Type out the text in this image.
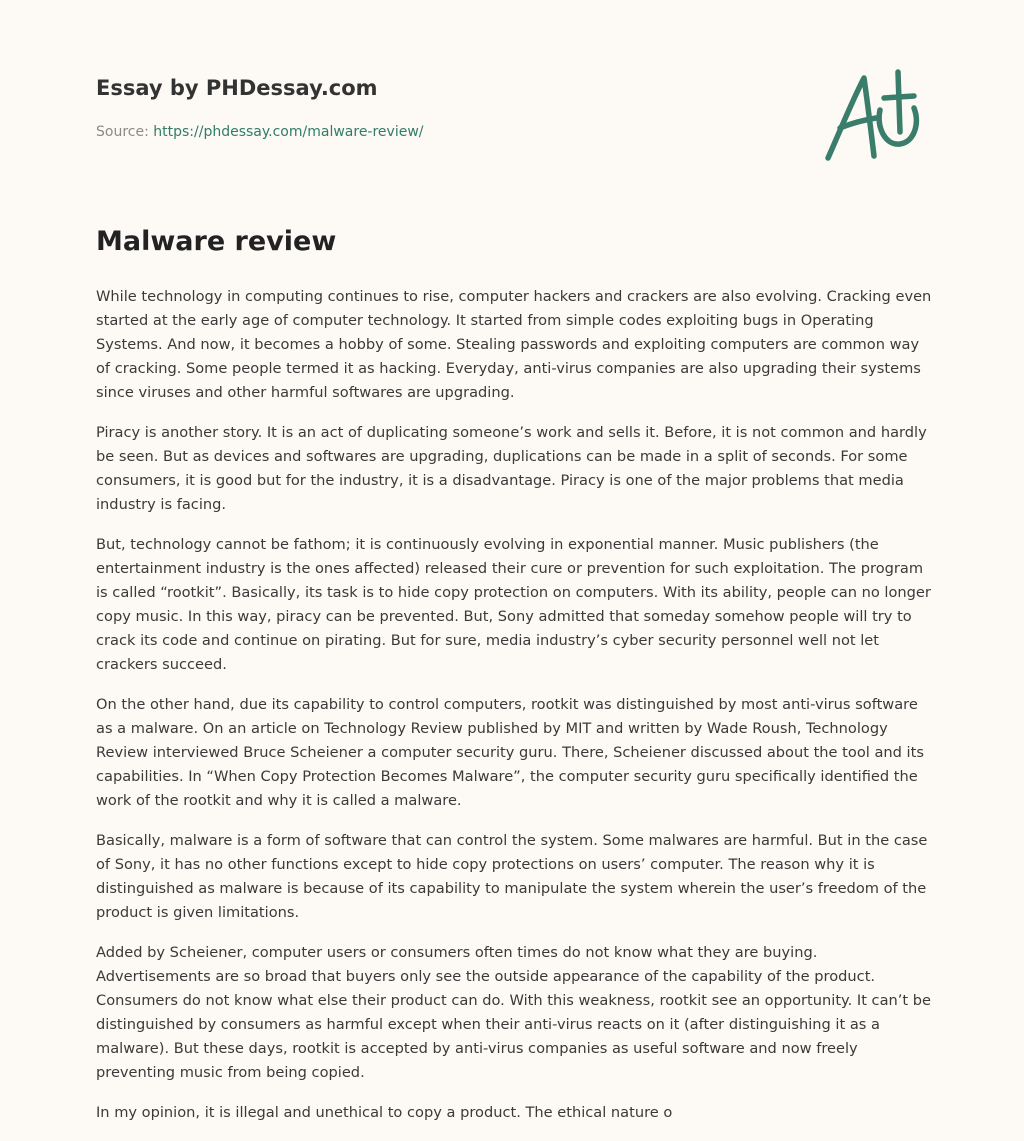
Essay by PHDessay.com

Source: https://phdessay.com/malware-review/

Malware review

While technology in computing continues to rise, computer hackers and crackers are also evolving. Cracking even started at the early age of computer technology. It started from simple codes exploiting bugs in Operating Systems. And now, it becomes a hobby of some. Stealing passwords and exploiting computers are common way of cracking. Some people termed it as hacking. Everyday, anti-virus companies are also upgrading their systems since viruses and other harmful softwares are upgrading.

Piracy is another story. It is an act of duplicating someone’s work and sells it. Before, it is not common and hardly be seen. But as devices and softwares are upgrading, duplications can be made in a split of seconds. For some consumers, it is good but for the industry, it is a disadvantage. Piracy is one of the major problems that media industry is facing.

But, technology cannot be fathom; it is continuously evolving in exponential manner. Music publishers (the entertainment industry is the ones affected) released their cure or prevention for such exploitation. The program is called “rootkit”. Basically, its task is to hide copy protection on computers. With its ability, people can no longer copy music. In this way, piracy can be prevented. But, Sony admitted that someday somehow people will try to crack its code and continue on pirating. But for sure, media industry’s cyber security personnel well not let crackers succeed.

On the other hand, due its capability to control computers, rootkit was distinguished by most anti-virus software as a malware. On an article on Technology Review published by MIT and written by Wade Roush, Technology Review interviewed Bruce Scheiener a computer security guru. There, Scheiener discussed about the tool and its capabilities. In “When Copy Protection Becomes Malware”, the computer security guru specifically identified the work of the rootkit and why it is called a malware.

Basically, malware is a form of software that can control the system. Some malwares are harmful. But in the case of Sony, it has no other functions except to hide copy protections on users’ computer. The reason why it is distinguished as malware is because of its capability to manipulate the system wherein the user’s freedom of the product is given limitations.

Added by Scheiener, computer users or consumers often times do not know what they are buying. Advertisements are so broad that buyers only see the outside appearance of the capability of the product. Consumers do not know what else their product can do. With this weakness, rootkit see an opportunity. It can’t be distinguished by consumers as harmful except when their anti-virus reacts on it (after distinguishing it as a malware). But these days, rootkit is accepted by anti-virus companies as useful software and now freely preventing music from being copied.

In my opinion, it is illegal and unethical to copy a product. The ethical nature o
